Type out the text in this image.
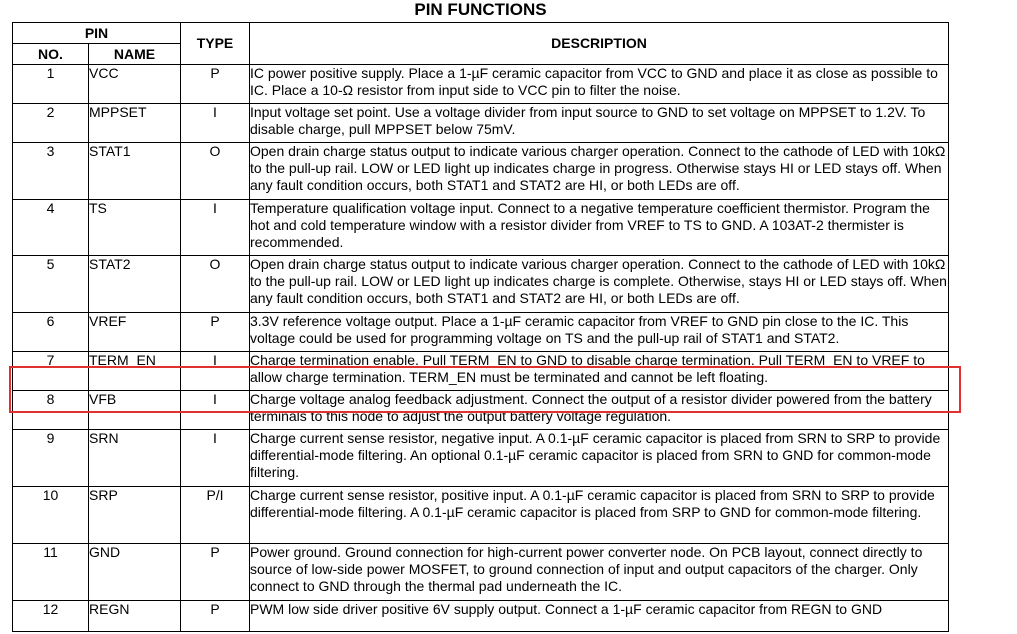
PIN FUNCTIONS
PIN		TYPE	DESCRIPTION
NO.	NAME		
1	VCC	P	IC power positive supply. Place a 1-µF ceramic capacitor from VCC to GND and place it as close as possible to IC. Place a 10-Ω resistor from input side to VCC pin to filter the noise.
2	MPPSET	I	Input voltage set point. Use a voltage divider from input source to GND to set voltage on MPPSET to 1.2V. To disable charge, pull MPPSET below 75mV.
3	STAT1	O	Open drain charge status output to indicate various charger operation. Connect to the cathode of LED with 10kΩ to the pull-up rail. LOW or LED light up indicates charge in progress. Otherwise stays HI or LED stays off. When any fault condition occurs, both STAT1 and STAT2 are HI, or both LEDs are off.
4	TS	I	Temperature qualification voltage input. Connect to a negative temperature coefficient thermistor. Program the hot and cold temperature window with a resistor divider from VREF to TS to GND. A 103AT-2 thermister is recommended.
5	STAT2	O	Open drain charge status output to indicate various charger operation. Connect to the cathode of LED with 10kΩ to the pull-up rail. LOW or LED light up indicates charge is complete. Otherwise, stays HI or LED stays off. When any fault condition occurs, both STAT1 and STAT2 are HI, or both LEDs are off.
6	VREF	P	3.3V reference voltage output. Place a 1-µF ceramic capacitor from VREF to GND pin close to the IC. This voltage could be used for programming voltage on TS and the pull-up rail of STAT1 and STAT2.
7	TERM_EN	I	Charge termination enable. Pull TERM_EN to GND to disable charge termination. Pull TERM_EN to VREF to allow charge termination. TERM_EN must be terminated and cannot be left floating.
8	VFB	I	Charge voltage analog feedback adjustment. Connect the output of a resistor divider powered from the battery terminals to this node to adjust the output battery voltage regulation.
9	SRN	I	Charge current sense resistor, negative input. A 0.1-µF ceramic capacitor is placed from SRN to SRP to provide differential-mode filtering. An optional 0.1-µF ceramic capacitor is placed from SRN to GND for common-mode filtering.
10	SRP	P/I	Charge current sense resistor, positive input. A 0.1-µF ceramic capacitor is placed from SRN to SRP to provide differential-mode filtering. A 0.1-µF ceramic capacitor is placed from SRP to GND for common-mode filtering.
11	GND	P	Power ground. Ground connection for high-current power converter node. On PCB layout, connect directly to source of low-side power MOSFET, to ground connection of input and output capacitors of the charger. Only connect to GND through the thermal pad underneath the IC.
12	REGN	P	PWM low side driver positive 6V supply output. Connect a 1-µF ceramic capacitor from REGN to GND
